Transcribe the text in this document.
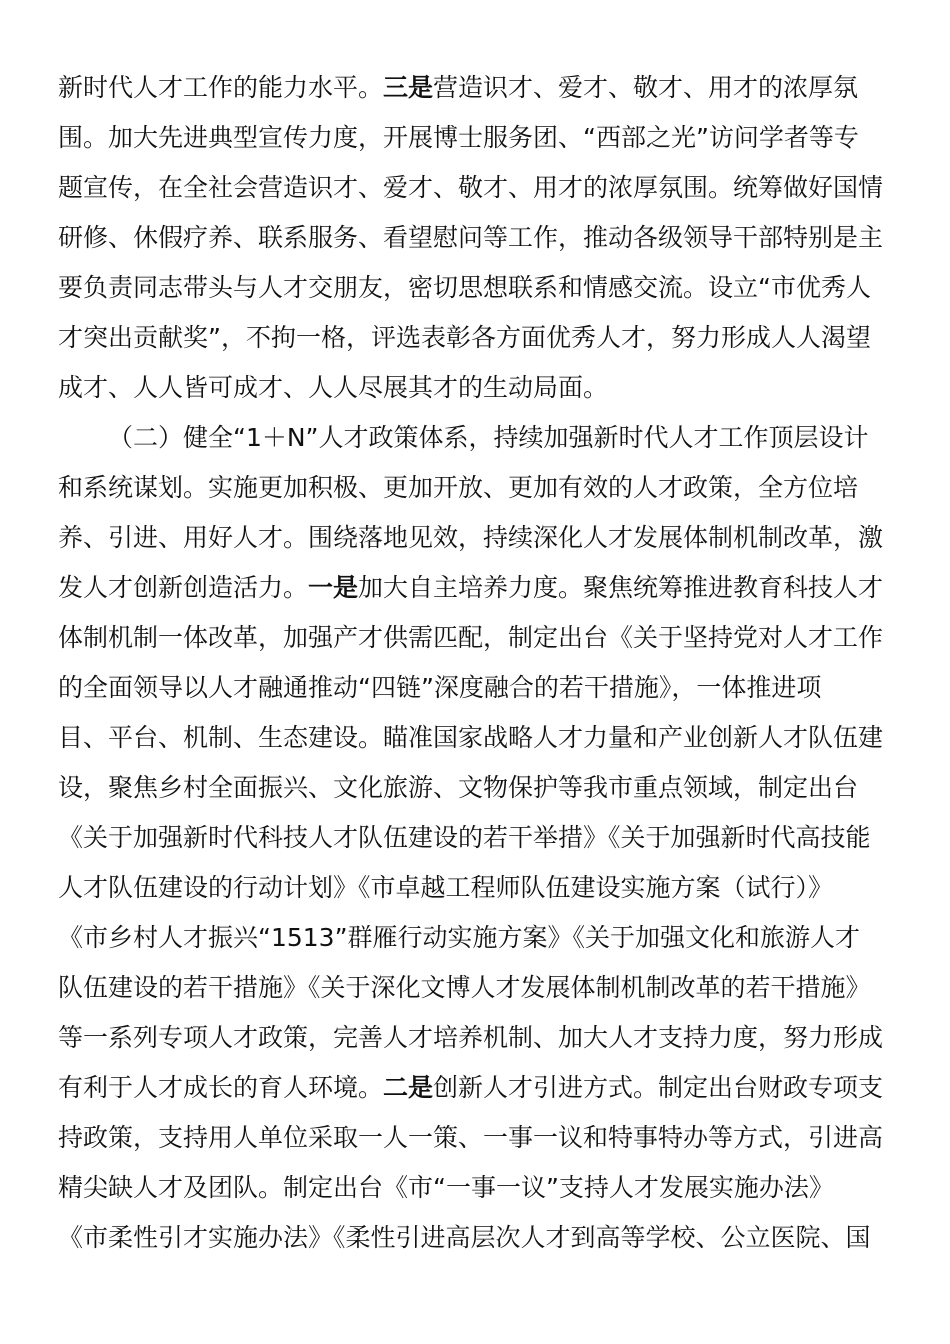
新时代人才工作的能力水平。三是营造识才、爱才、敬才、用才的浓厚氛
围。加大先进典型宣传力度，开展博士服务团、“西部之光”访问学者等专
题宣传，在全社会营造识才、爱才、敬才、用才的浓厚氛围。统筹做好国情
研修、休假疗养、联系服务、看望慰问等工作，推动各级领导干部特别是主
要负责同志带头与人才交朋友，密切思想联系和情感交流。设立“市优秀人
才突出贡献奖”，不拘一格，评选表彰各方面优秀人才，努力形成人人渴望
成才、人人皆可成才、人人尽展其才的生动局面。
（二）健全“1＋N”人才政策体系，持续加强新时代人才工作顶层设计
和系统谋划。实施更加积极、更加开放、更加有效的人才政策，全方位培
养、引进、用好人才。围绕落地见效，持续深化人才发展体制机制改革，激
发人才创新创造活力。一是加大自主培养力度。聚焦统筹推进教育科技人才
体制机制一体改革，加强产才供需匹配，制定出台《关于坚持党对人才工作
的全面领导以人才融通推动“四链”深度融合的若干措施》，一体推进项
目、平台、机制、生态建设。瞄准国家战略人才力量和产业创新人才队伍建
设，聚焦乡村全面振兴、文化旅游、文物保护等我市重点领域，制定出台
《关于加强新时代科技人才队伍建设的若干举措》《关于加强新时代高技能
人才队伍建设的行动计划》《市卓越工程师队伍建设实施方案（试行）》
《市乡村人才振兴“1513”群雁行动实施方案》《关于加强文化和旅游人才
队伍建设的若干措施》《关于深化文博人才发展体制机制改革的若干措施》
等一系列专项人才政策，完善人才培养机制、加大人才支持力度，努力形成
有利于人才成长的育人环境。二是创新人才引进方式。制定出台财政专项支
持政策，支持用人单位采取一人一策、一事一议和特事特办等方式，引进高
精尖缺人才及团队。制定出台《市“一事一议”支持人才发展实施办法》
《市柔性引才实施办法》《柔性引进高层次人才到高等学校、公立医院、国
